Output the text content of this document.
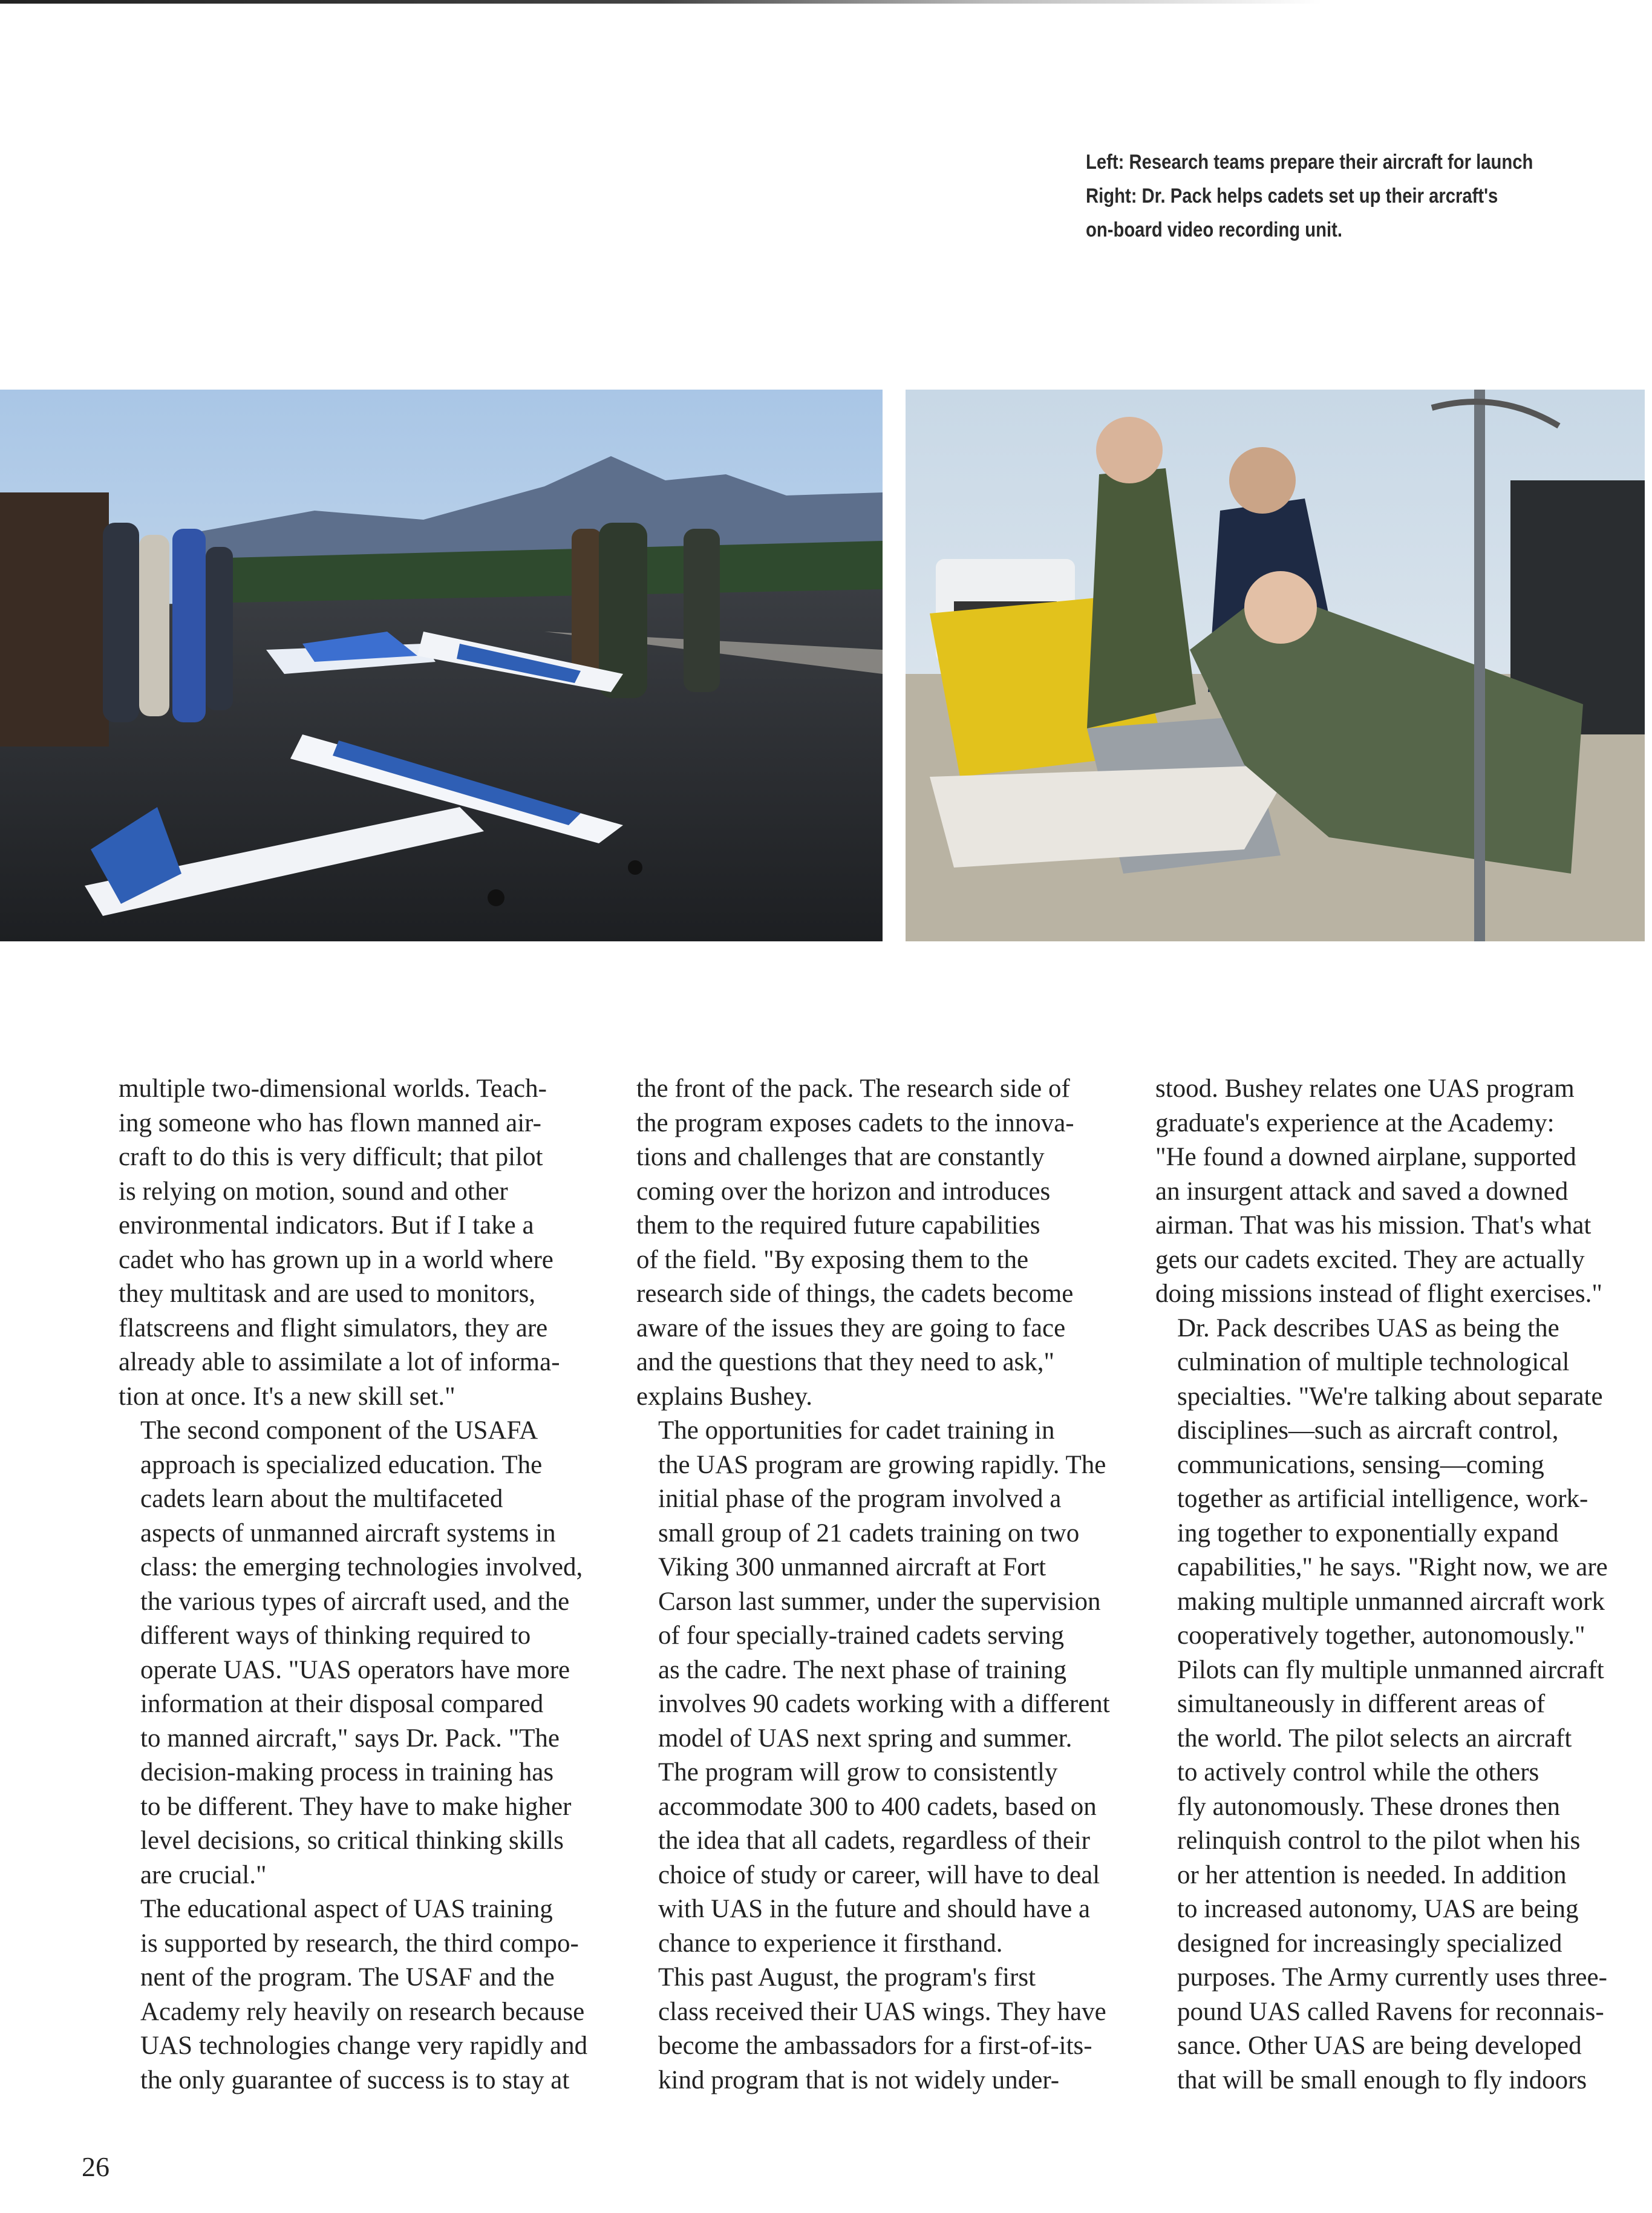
Left: Research teams prepare their aircraft for launch
Right: Dr. Pack helps cadets set up their arcraft's
on-board video recording unit.

multiple two-dimensional worlds. Teach-
ing someone who has flown manned air-
craft to do this is very difficult; that pilot
is relying on motion, sound and other
environmental indicators. But if I take a
cadet who has grown up in a world where
they multitask and are used to monitors,
flatscreens and flight simulators, they are
already able to assimilate a lot of informa-
tion at once. It's a new skill set."

The second component of the USAFA
approach is specialized education. The
cadets learn about the multifaceted
aspects of unmanned aircraft systems in
class: the emerging technologies involved,
the various types of aircraft used, and the
different ways of thinking required to
operate UAS. "UAS operators have more
information at their disposal compared
to manned aircraft," says Dr. Pack. "The
decision-making process in training has
to be different. They have to make higher
level decisions, so critical thinking skills
are crucial."

The educational aspect of UAS training
is supported by research, the third compo-
nent of the program. The USAF and the
Academy rely heavily on research because
UAS technologies change very rapidly and
the only guarantee of success is to stay at

the front of the pack. The research side of
the program exposes cadets to the innova-
tions and challenges that are constantly
coming over the horizon and introduces
them to the required future capabilities
of the field. "By exposing them to the
research side of things, the cadets become
aware of the issues they are going to face
and the questions that they need to ask,"
explains Bushey.

The opportunities for cadet training in
the UAS program are growing rapidly. The
initial phase of the program involved a
small group of 21 cadets training on two
Viking 300 unmanned aircraft at Fort
Carson last summer, under the supervision
of four specially-trained cadets serving
as the cadre. The next phase of training
involves 90 cadets working with a different
model of UAS next spring and summer.
The program will grow to consistently
accommodate 300 to 400 cadets, based on
the idea that all cadets, regardless of their
choice of study or career, will have to deal
with UAS in the future and should have a
chance to experience it firsthand.

This past August, the program's first
class received their UAS wings. They have
become the ambassadors for a first-of-its-
kind program that is not widely under-

stood. Bushey relates one UAS program
graduate's experience at the Academy:
"He found a downed airplane, supported
an insurgent attack and saved a downed
airman. That was his mission. That's what
gets our cadets excited. They are actually
doing missions instead of flight exercises."

Dr. Pack describes UAS as being the
culmination of multiple technological
specialties. "We're talking about separate
disciplines—such as aircraft control,
communications, sensing—coming
together as artificial intelligence, work-
ing together to exponentially expand
capabilities," he says. "Right now, we are
making multiple unmanned aircraft work
cooperatively together, autonomously."
Pilots can fly multiple unmanned aircraft
simultaneously in different areas of
the world. The pilot selects an aircraft
to actively control while the others
fly autonomously. These drones then
relinquish control to the pilot when his
or her attention is needed. In addition
to increased autonomy, UAS are being
designed for increasingly specialized
purposes. The Army currently uses three-
pound UAS called Ravens for reconnais-
sance. Other UAS are being developed
that will be small enough to fly indoors

26
